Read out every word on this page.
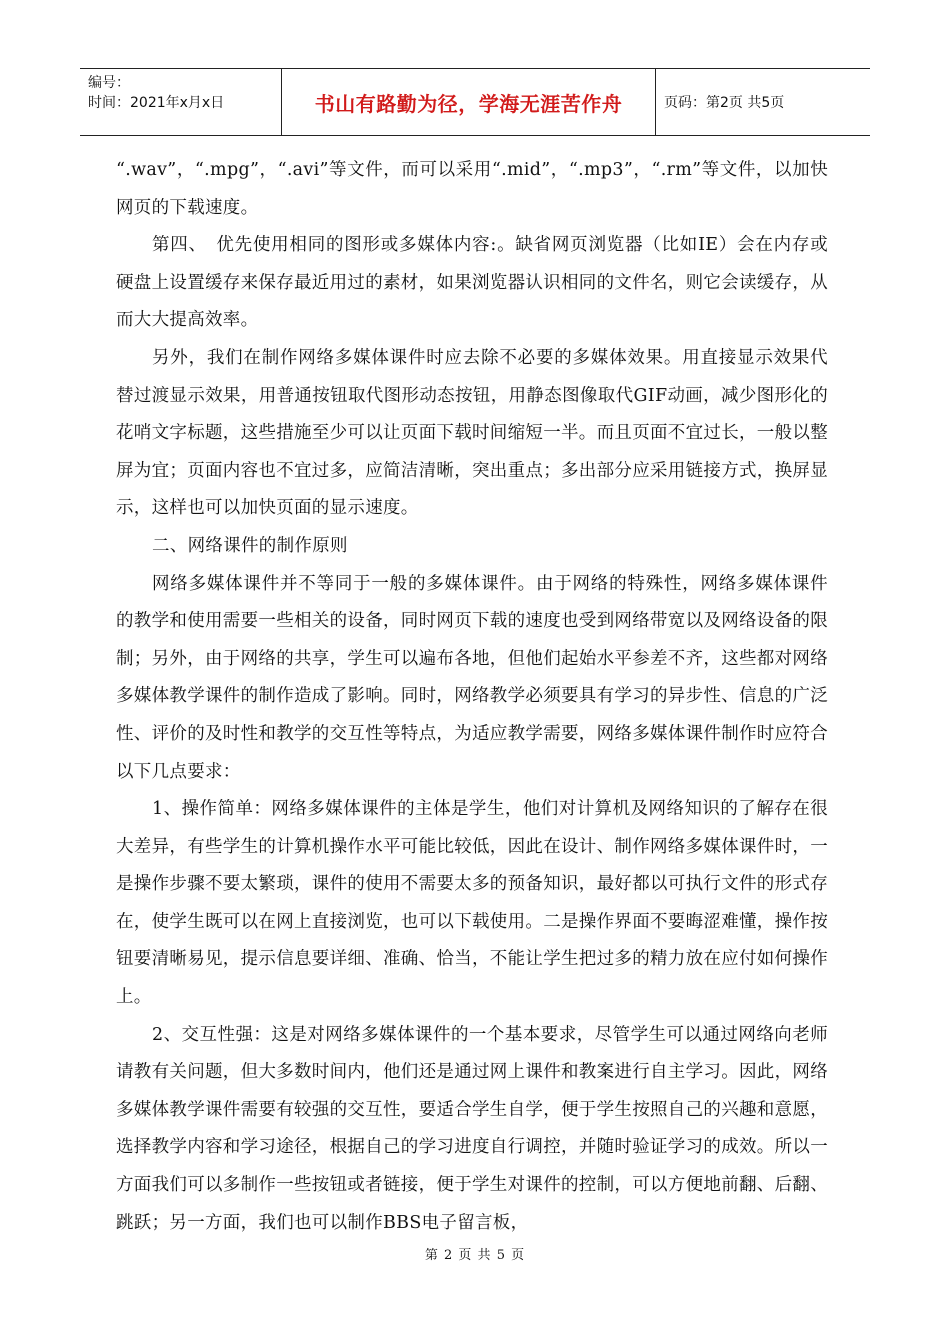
编号：
时间：2021年x月x日	书山有路勤为径，学海无涯苦作舟	页码：第2页 共5页

“.wav”，“.mpg”，“.avi”等文件，而可以采用“.mid”，“.mp3”，“.rm”等文件，以加快网页的下载速度。

第四、　优先使用相同的图形或多媒体内容:。缺省网页浏览器（比如IE）会在内存或硬盘上设置缓存来保存最近用过的素材，如果浏览器认识相同的文件名，则它会读缓存，从而大大提高效率。

另外，我们在制作网络多媒体课件时应去除不必要的多媒体效果。用直接显示效果代替过渡显示效果，用普通按钮取代图形动态按钮，用静态图像取代GIF动画，减少图形化的花哨文字标题，这些措施至少可以让页面下载时间缩短一半。而且页面不宜过长，一般以整屏为宜；页面内容也不宜过多，应简洁清晰，突出重点；多出部分应采用链接方式，换屏显示，这样也可以加快页面的显示速度。

二、网络课件的制作原则

网络多媒体课件并不等同于一般的多媒体课件。由于网络的特殊性，网络多媒体课件的教学和使用需要一些相关的设备，同时网页下载的速度也受到网络带宽以及网络设备的限制；另外，由于网络的共享，学生可以遍布各地，但他们起始水平参差不齐，这些都对网络多媒体教学课件的制作造成了影响。同时，网络教学必须要具有学习的异步性、信息的广泛性、评价的及时性和教学的交互性等特点，为适应教学需要，网络多媒体课件制作时应符合以下几点要求：

1、操作简单：网络多媒体课件的主体是学生，他们对计算机及网络知识的了解存在很大差异，有些学生的计算机操作水平可能比较低，因此在设计、制作网络多媒体课件时，一是操作步骤不要太繁琐，课件的使用不需要太多的预备知识，最好都以可执行文件的形式存在，使学生既可以在网上直接浏览，也可以下载使用。二是操作界面不要晦涩难懂，操作按钮要清晰易见，提示信息要详细、准确、恰当，不能让学生把过多的精力放在应付如何操作上。

2、交互性强：这是对网络多媒体课件的一个基本要求，尽管学生可以通过网络向老师请教有关问题，但大多数时间内，他们还是通过网上课件和教案进行自主学习。因此，网络多媒体教学课件需要有较强的交互性，要适合学生自学，便于学生按照自己的兴趣和意愿，选择教学内容和学习途径，根据自己的学习进度自行调控，并随时验证学习的成效。所以一方面我们可以多制作一些按钮或者链接，便于学生对课件的控制，可以方便地前翻、后翻、跳跃；另一方面，我们也可以制作BBS电子留言板，

第 2 页 共 5 页
